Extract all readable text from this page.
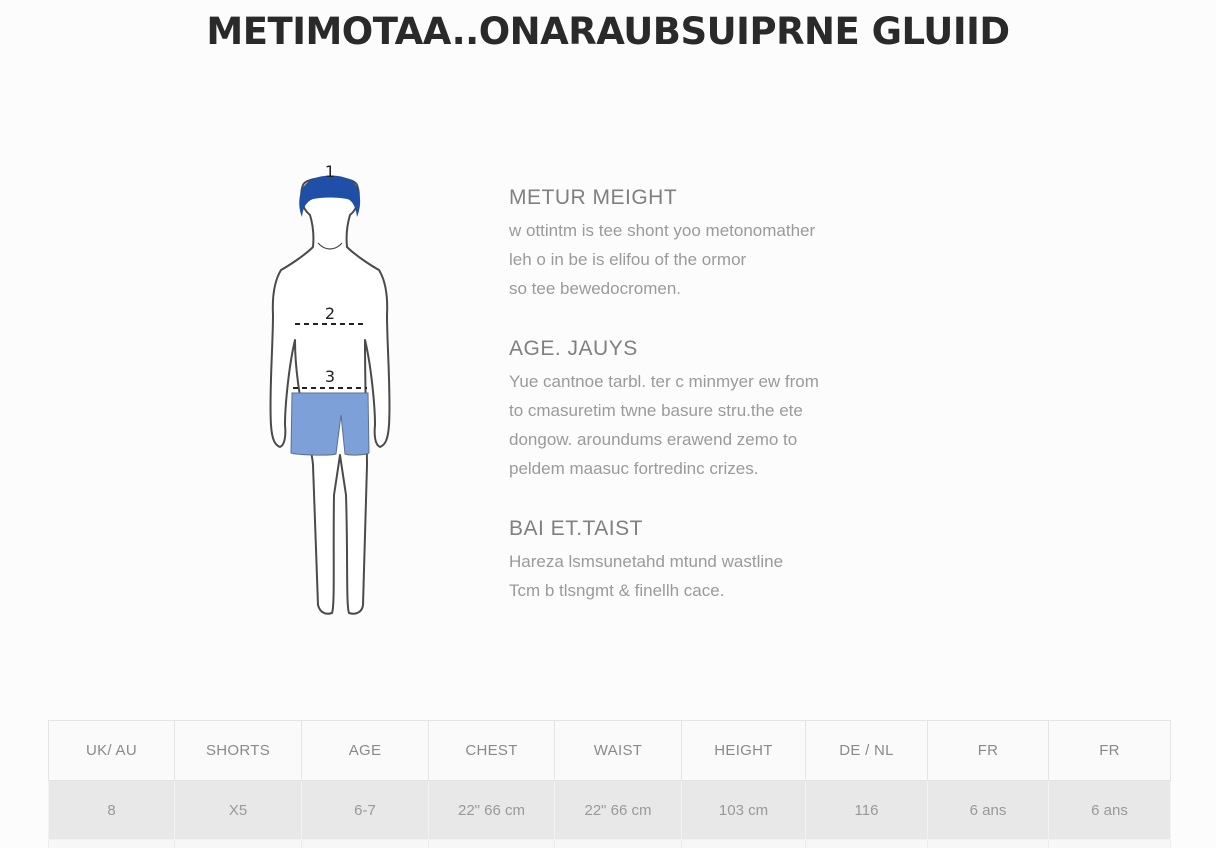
METIMOTAA..ONARAUBSUIPRNE GLUIID
1
2
3
METUR MEIGHT

w ottintm is tee shont yoo metonomather
leh o in be is elifou of the ormor
so tee bewedocromen.

AGE. JAUYS

Yue cantnoe tarbl. ter c minmyer ew from
to cmasuretim twne basure stru.the ete
dongow. aroundums erawend zemo to
peldem maasuc fortredinc crizes.

BAI ET.TAIST

Hareza lsmsunetahd mtund wastline
Tcm b tlsngmt & finellh cace.

UK/ AU	SHORTS	AGE	CHEST	WAIST	HEIGHT	DE / NL	FR	FR
8	X5	6-7	22" 66 cm	22" 66 cm	103 cm	116	6 ans	6 ans
